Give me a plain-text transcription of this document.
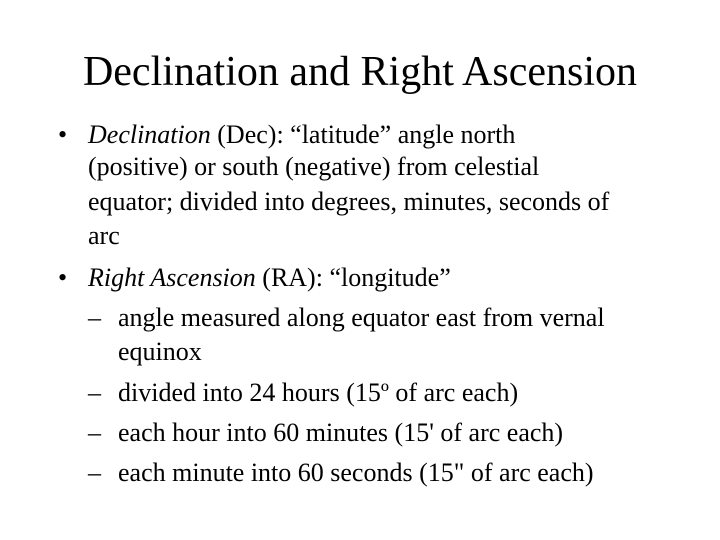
Declination and Right Ascension
• Declination (Dec): “latitude” angle north
(positive) or south (negative) from celestial
equator; divided into degrees, minutes, seconds of
arc
• Right Ascension (RA): “longitude”
– angle measured along equator east from vernal
equinox
– divided into 24 hours (15º of arc each)
– each hour into 60 minutes (15' of arc each)
– each minute into 60 seconds (15" of arc each)
